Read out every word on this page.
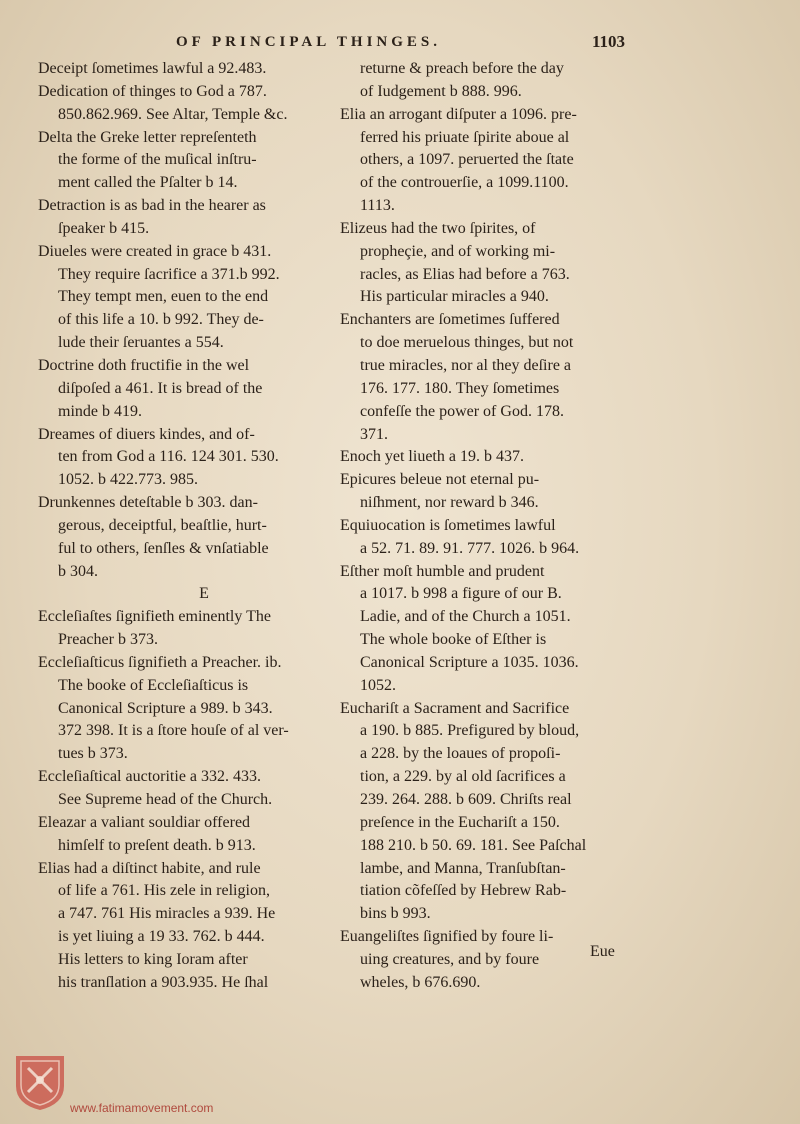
OF PRINCIPAL THINGES.	1103
Deceipt ſometimes lawful a 92.483.
Dedication of thinges to God a 787.
850.862.969. See Altar, Temple &c.
Delta the Greke letter repreſenteth
the forme of the muſical inſtru-
ment called the Pſalter b 14.
Detraction is as bad in the hearer as
ſpeaker b 415.
Diueles were created in grace b 431.
They require ſacrifice a 371.b 992.
They tempt men, euen to the end
of this life a 10. b 992. They de-
lude their ſeruantes a 554.
Doctrine doth fructifie in the wel
diſpoſed a 461. It is bread of the
minde b 419.
Dreames of diuers kindes, and of-
ten from God a 116. 124 301. 530.
1052. b 422.773. 985.
Drunkennes deteſtable b 303. dan-
gerous, deceiptful, beaſtlie, hurt-
ful to others, ſenſles & vnſatiable
b 304.
E
Eccleſiaſtes ſignifieth eminently The
Preacher b 373.
Eccleſiaſticus ſignifieth a Preacher. ib.
The booke of Eccleſiaſticus is
Canonical Scripture a 989. b 343.
372 398. It is a ſtore houſe of al ver-
tues b 373.
Eccleſiaſtical auctoritie a 332. 433.
See Supreme head of the Church.
Eleazar a valiant souldiar offered
himſelf to preſent death. b 913.
Elias had a diſtinct habite, and rule
of life a 761. His zele in religion,
a 747. 761 His miracles a 939. He
is yet liuing a 19 33. 762. b 444.
His letters to king Ioram after
his tranſlation a 903.935. He ſhal
returne & preach before the day
of Iudgement b 888. 996.
Elia an arrogant diſputer a 1096. pre-
ferred his priuate ſpirite aboue al
others, a 1097. peruerted the ſtate
of the controuerſie, a 1099.1100.
1113.
Elizeus had the two ſpirites, of
propheçie, and of working mi-
racles, as Elias had before a 763.
His particular miracles a 940.
Enchanters are ſometimes ſuffered
to doe meruelous thinges, but not
true miracles, nor al they deſire a
176. 177. 180. They ſometimes
confeſſe the power of God. 178.
371.
Enoch yet liueth a 19. b 437.
Epicures beleue not eternal pu-
niſhment, nor reward b 346.
Equiuocation is ſometimes lawful
a 52. 71. 89. 91. 777. 1026. b 964.
Eſther moſt humble and prudent
a 1017. b 998 a figure of our B.
Ladie, and of the Church a 1051.
The whole booke of Eſther is
Canonical Scripture a 1035. 1036.
1052.
Euchariſt a Sacrament and Sacrifice
a 190. b 885. Prefigured by bloud,
a 228. by the loaues of propoſi-
tion, a 229. by al old ſacrifices a
239. 264. 288. b 609. Chriſts real
preſence in the Euchariſt a 150.
188 210. b 50. 69. 181. See Paſchal
lambe, and Manna, Tranſubſtan-
tiation cõfeſſed by Hebrew Rab-
bins b 993.
Euangeliſtes ſignified by foure li-
uing creatures, and by foure
wheles, b 676.690.
Eue
www.fatimamovement.com
